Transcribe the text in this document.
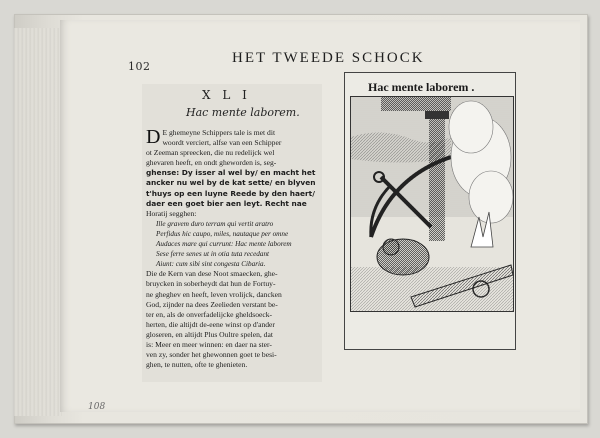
102
HET TWEEDE SCHOCK
X L I
Hac mente laborem.
D E ghemeyne Schippers tale is met dit
woordt verciert, alfse van een Schipper
ot Zeeman spreecken, die nu redelijck wel
ghevaren heeft, en ondt gheworden is, seg-
ghense: Dy isser al wel by/ en macht het
ancker nu wel by de kat sette/ en blyven
t'huys op een luyne Reede by den haert/
daer een goet bier aen leyt. Recht nae
Horatij segghen:
Ille gravem duro terram qui vertit aratro
Perfidus hic caupo, miles, nautaque per omne
Audaces mare qui currunt: Hac mente laborem
Sese ferre senes ut in otia tuta recedant
Aiunt: cum sibi sint congesta Cibaria.
Die de Kern van dese Noot smaecken, ghe-
bruycken in soberheydt dat hun de Fortuy-
ne gheghev en heeft, leven vrolijck, dancken
God, zijnder na dees Zeelieden verstant be-
ter en, als de onverfadelijcke gheldsoeck-
herten, die altijdt de-eene winst op d'ander
gloseren, en altijdt Plus Oultre spelen, dat
is: Meer en meer winnen: en daer na ster-
ven zy, sonder het ghewonnen goet te besi-
ghen, te nutten, ofte te ghenieten.
Hac mente laborem .
108
